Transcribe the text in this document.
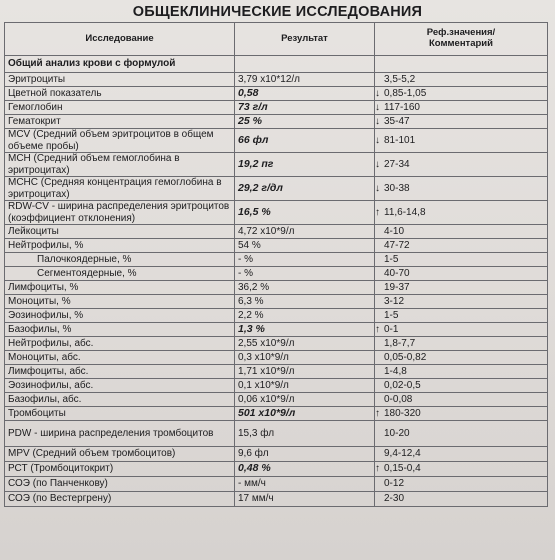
ОБЩЕКЛИНИЧЕСКИЕ ИССЛЕДОВАНИЯ
Исследование	Результат	Реф.значения/
Комментарий
Общий анализ крови с формулой		
Эритроциты	3,79 x10*12/л	3,5-5,2
Цветной показатель	0,58	↓ 0,85-1,05
Гемоглобин	73 г/л	↓ 117-160
Гематокрит	25 %	↓ 35-47
MCV (Средний объем эритроцитов в общем объеме пробы)	66 фл	↓ 81-101
МСН (Средний объем гемоглобина в эритроцитах)	19,2 пг	↓ 27-34
МСНС (Средняя концентрация гемоглобина в эритроцитах)	29,2 г/дл	↓ 30-38
RDW-CV - ширина распределения эритроцитов (коэффициент отклонения)	16,5 %	↑ 11,6-14,8
Лейкоциты	4,72 x10*9/л	4-10
Нейтрофилы, %	54 %	47-72
Палочкоядерные, %	- %	1-5
Сегментоядерные, %	- %	40-70
Лимфоциты, %	36,2 %	19-37
Моноциты, %	6,3 %	3-12
Эозинофилы, %	2,2 %	1-5
Базофилы, %	1,3 %	↑ 0-1
Нейтрофилы, абс.	2,55 x10*9/л	1,8-7,7
Моноциты, абс.	0,3 x10*9/л	0,05-0,82
Лимфоциты, абс.	1,71 x10*9/л	1-4,8
Эозинофилы, абс.	0,1 x10*9/л	0,02-0,5
Базофилы, абс.	0,06 x10*9/л	0-0,08
Тромбоциты	501 x10*9/л	↑ 180-320
PDW - ширина распределения тромбоцитов	15,3 фл	10-20
MPV (Средний объем тромбоцитов)	9,6 фл	9,4-12,4
РСТ (Тромбоцитокрит)	0,48 %	↑ 0,15-0,4
СОЭ (по Панченкову)	- мм/ч	0-12
СОЭ (по Вестергрену)	17 мм/ч	2-30
